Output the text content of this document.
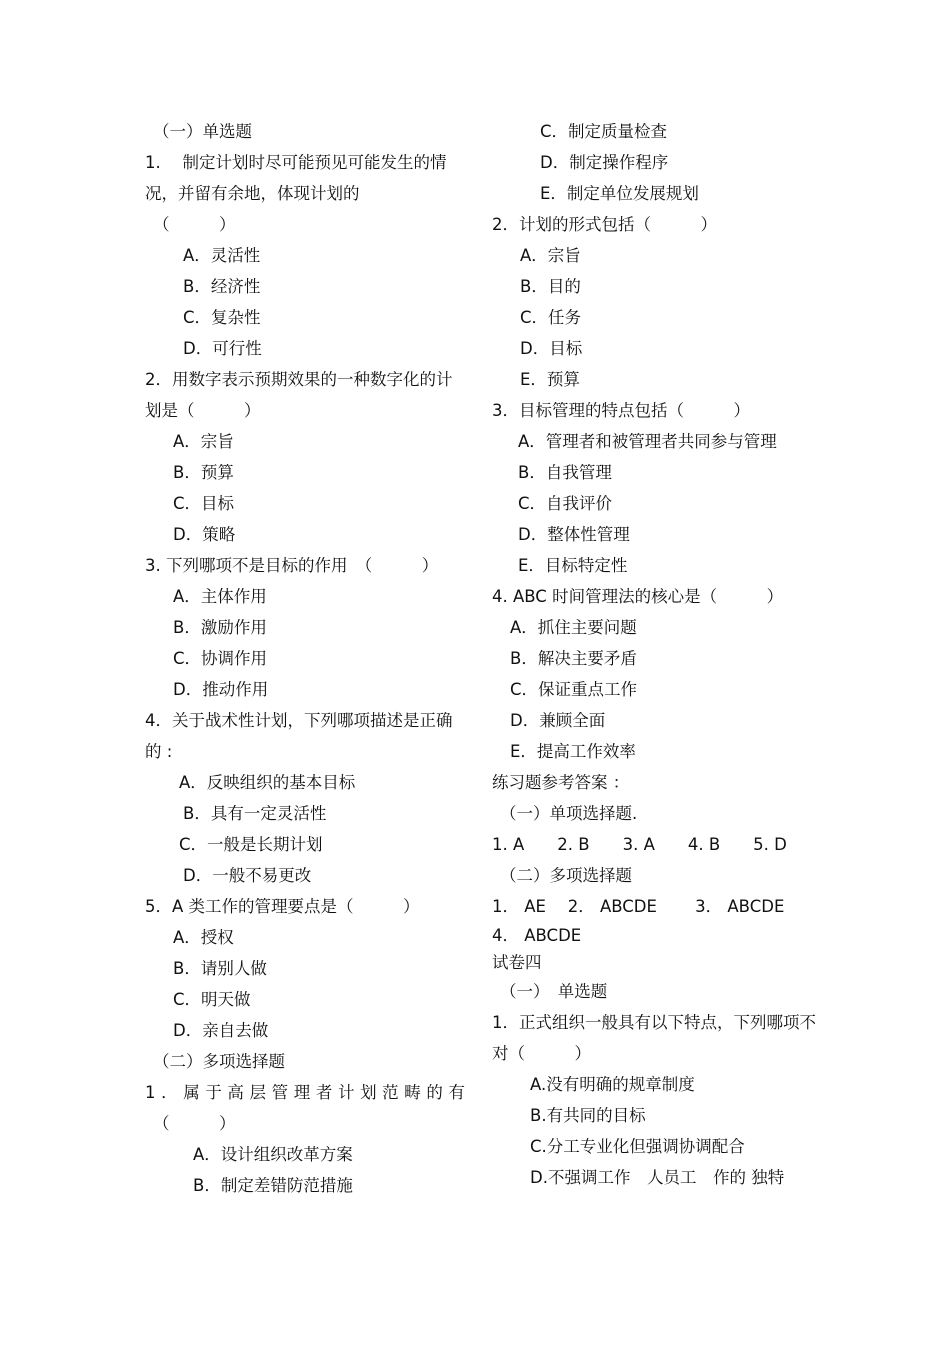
（一）单选题
1.　 制定计划时尽可能预见可能发生的情况，并留有余地，体现计划的
（　　　）
A．灵活性
B．经济性
C．复杂性
D．可行性
2．用数字表示预期效果的一种数字化的计划是（　　　）
A．宗旨
B．预算
C．目标
D．策略
3. 下列哪项不是目标的作用　（　　　）
A．主体作用
B．激励作用
C．协调作用
D．推动作用
4．关于战术性计划，下列哪项描述是正确的 :
A．反映组织的基本目标
B．具有一定灵活性
C．一般是长期计划
D．一般不易更改
5．A 类工作的管理要点是（　　　）
A．授权
B．请别人做
C．明天做
D．亲自去做
（二）多项选择题
1．属于高层管理者计划范畴的有
（　　　）
A．设计组织改革方案
B．制定差错防范措施
C．制定质量检查
D．制定操作程序
E．制定单位发展规划
2．计划的形式包括（　　　）
A．宗旨
B．目的
C．任务
D．目标
E．预算
3．目标管理的特点包括（　　　）
A．管理者和被管理者共同参与管理
B．自我管理
C．自我评价
D．整体性管理
E．目标特定性
4. ABC 时间管理法的核心是（　　　）
A．抓住主要问题
B．解决主要矛盾
C．保证重点工作
D．兼顾全面
E．提高工作效率
练习题参考答案 ：
（一）单项选择题.
1. A　　2. B　　3. A　　4. B　　5. D
（二）多项选择题
1． AE　 2． ABCDE　　 3． ABCDE
4． ABCDE
试卷四
（一）　单选题
1．正式组织一般具有以下特点，下列哪项不对（　　　）
A.没有明确的规章制度
B.有共同的目标
C.分工专业化但强调协调配合
D.不强调工作　人员工　作的 独特
